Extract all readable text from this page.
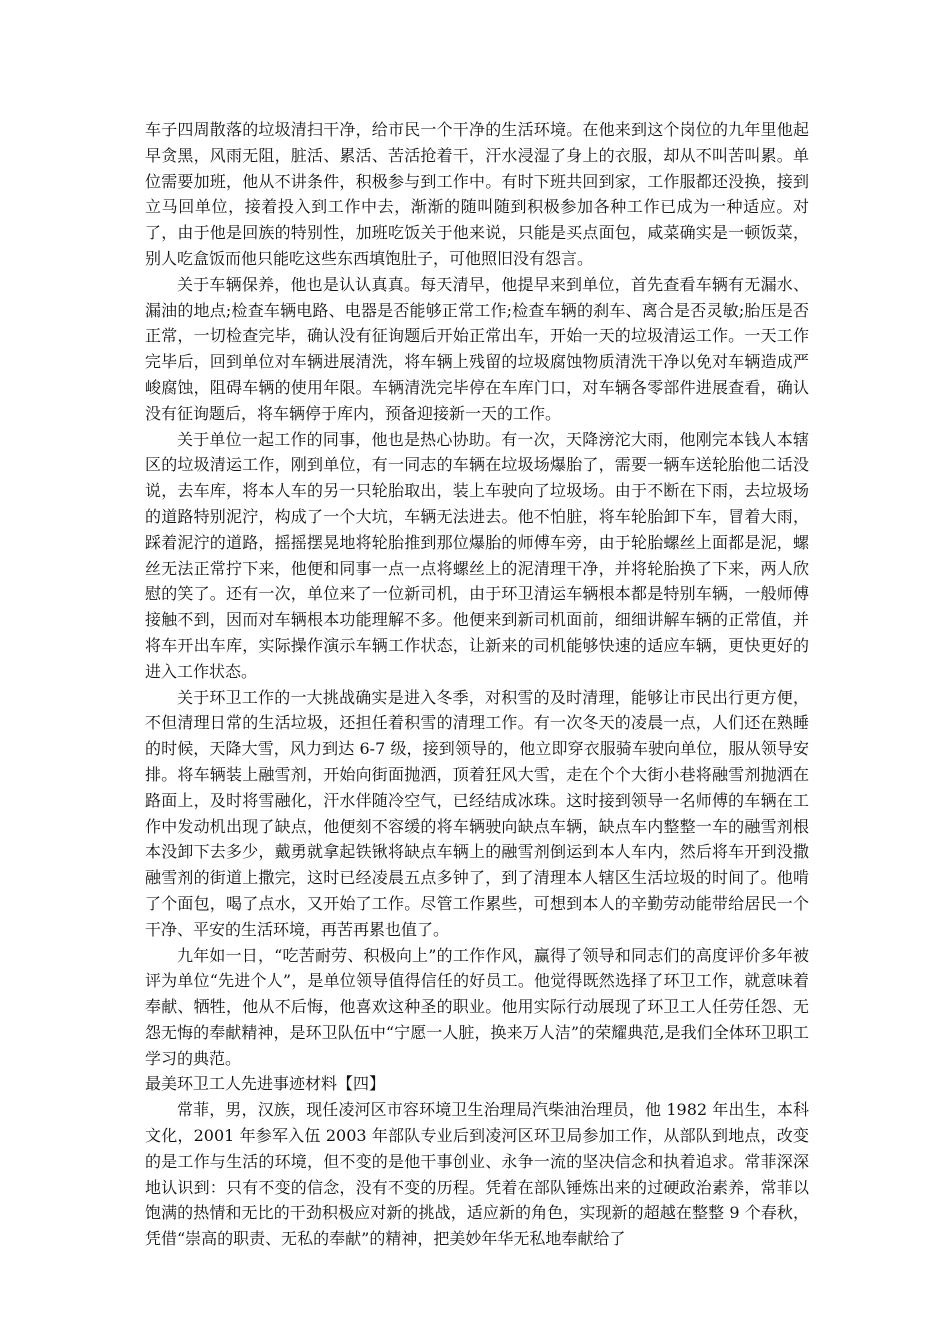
车子四周散落的垃圾清扫干净，给市民一个干净的生活环境。在他来到这个岗位的九年里他起早贪黑，风雨无阻，脏活、累活、苦活抢着干，汗水浸湿了身上的衣服，却从不叫苦叫累。单位需要加班，他从不讲条件，积极参与到工作中。有时下班共回到家，工作服都还没换，接到立马回单位，接着投入到工作中去，渐渐的随叫随到积极参加各种工作已成为一种适应。对了，由于他是回族的特别性，加班吃饭关于他来说，只能是买点面包，咸菜确实是一顿饭菜，别人吃盒饭而他只能吃这些东西填饱肚子，可他照旧没有怨言。

关于车辆保养，他也是认认真真。每天清早，他提早来到单位，首先查看车辆有无漏水、漏油的地点;检查车辆电路、电器是否能够正常工作;检查车辆的刹车、离合是否灵敏;胎压是否正常，一切检查完毕，确认没有征询题后开始正常出车，开始一天的垃圾清运工作。一天工作完毕后，回到单位对车辆进展清洗，将车辆上残留的垃圾腐蚀物质清洗干净以免对车辆造成严峻腐蚀，阻碍车辆的使用年限。车辆清洗完毕停在车库门口，对车辆各零部件进展查看，确认没有征询题后，将车辆停于库内，预备迎接新一天的工作。

关于单位一起工作的同事，他也是热心协助。有一次，天降滂沱大雨，他刚完本钱人本辖区的垃圾清运工作，刚到单位，有一同志的车辆在垃圾场爆胎了，需要一辆车送轮胎他二话没说，去车库，将本人车的另一只轮胎取出，装上车驶向了垃圾场。由于不断在下雨，去垃圾场的道路特别泥泞，构成了一个大坑，车辆无法进去。他不怕脏，将车轮胎卸下车，冒着大雨，踩着泥泞的道路，摇摇摆晃地将轮胎推到那位爆胎的师傅车旁，由于轮胎螺丝上面都是泥，螺丝无法正常拧下来，他便和同事一点一点将螺丝上的泥清理干净，并将轮胎换了下来，两人欣慰的笑了。还有一次，单位来了一位新司机，由于环卫清运车辆根本都是特别车辆，一般师傅接触不到，因而对车辆根本功能理解不多。他便来到新司机面前，细细讲解车辆的正常值，并将车开出车库，实际操作演示车辆工作状态，让新来的司机能够快速的适应车辆，更快更好的进入工作状态。

关于环卫工作的一大挑战确实是进入冬季，对积雪的及时清理，能够让市民出行更方便，不但清理日常的生活垃圾，还担任着积雪的清理工作。有一次冬天的凌晨一点，人们还在熟睡的时候，天降大雪，风力到达 6-7 级，接到领导的，他立即穿衣服骑车驶向单位，服从领导安排。将车辆装上融雪剂，开始向街面抛洒，顶着狂风大雪，走在个个大街小巷将融雪剂抛洒在路面上，及时将雪融化，汗水伴随冷空气，已经结成冰珠。这时接到领导一名师傅的车辆在工作中发动机出现了缺点，他便刻不容缓的将车辆驶向缺点车辆，缺点车内整整一车的融雪剂根本没卸下去多少，戴勇就拿起铁锹将缺点车辆上的融雪剂倒运到本人车内，然后将车开到没撒融雪剂的街道上撒完，这时已经凌晨五点多钟了，到了清理本人辖区生活垃圾的时间了。他啃了个面包，喝了点水，又开始了工作。尽管工作累些，可想到本人的辛勤劳动能带给居民一个干净、平安的生活环境，再苦再累也值了。

九年如一日，“吃苦耐劳、积极向上”的工作作风，赢得了领导和同志们的高度评价多年被评为单位“先进个人”，是单位领导值得信任的好员工。他觉得既然选择了环卫工作，就意味着奉献、牺牲，他从不后悔，他喜欢这种圣的职业。他用实际行动展现了环卫工人任劳任怨、无怨无悔的奉献精神，是环卫队伍中“宁愿一人脏，换来万人洁”的荣耀典范,是我们全体环卫职工学习的典范。

最美环卫工人先进事迹材料【四】

常菲，男，汉族，现任凌河区市容环境卫生治理局汽柴油治理员，他 1982 年出生，本科文化，2001 年参军入伍 2003 年部队专业后到凌河区环卫局参加工作，从部队到地点，改变的是工作与生活的环境，但不变的是他干事创业、永争一流的坚决信念和执着追求。常菲深深地认识到：只有不变的信念，没有不变的历程。凭着在部队锤炼出来的过硬政治素养，常菲以饱满的热情和无比的干劲积极应对新的挑战，适应新的角色，实现新的超越在整整 9 个春秋，凭借“崇高的职责、无私的奉献”的精神，把美妙年华无私地奉献给了
